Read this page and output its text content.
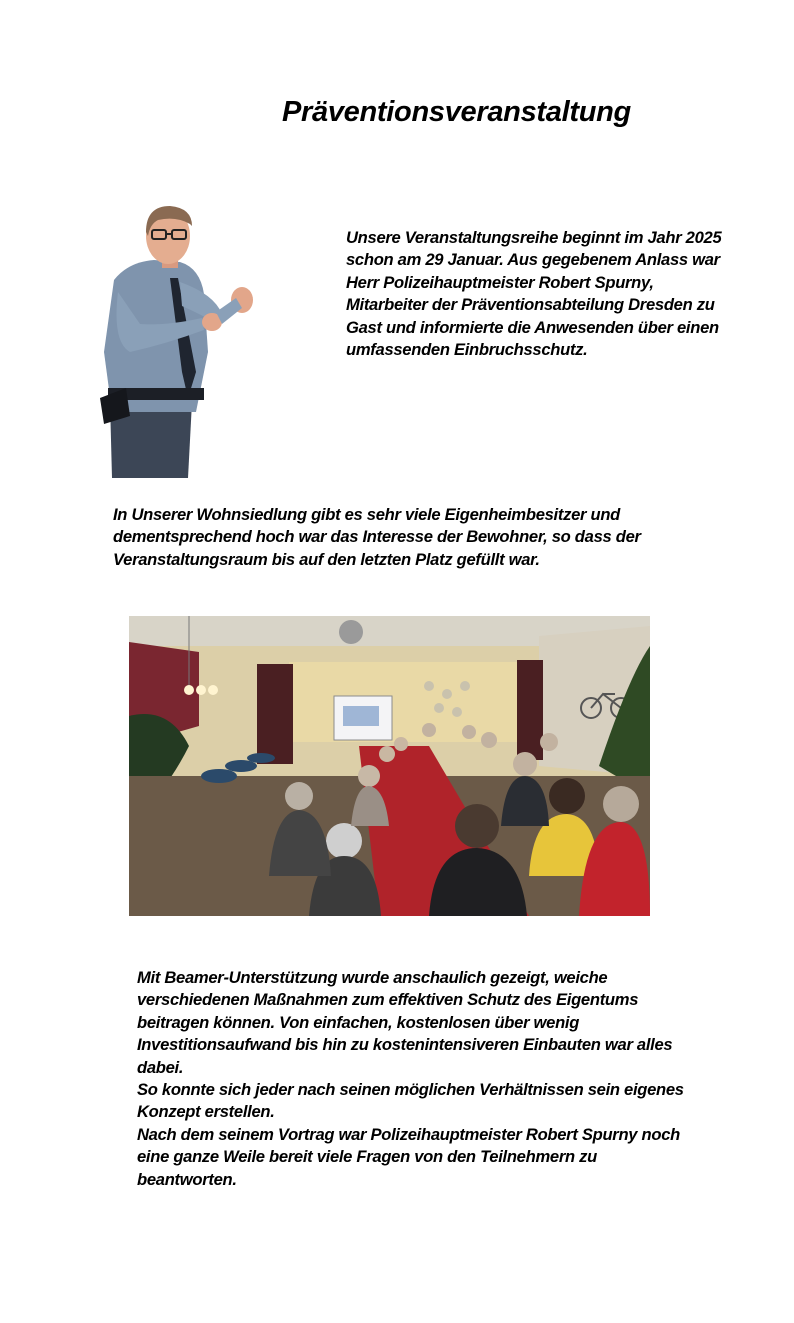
Präventionsveranstaltung

Unsere Veranstaltungsreihe beginnt im Jahr 2025 schon am 29 Januar. Aus gegebenem Anlass war Herr Polizeihauptmeister Robert Spurny, Mitarbeiter der Präventionsabteilung Dresden zu Gast und informierte die Anwesenden über einen umfassenden Einbruchsschutz.

In Unserer Wohnsiedlung gibt es sehr viele Eigenheimbesitzer und dementsprechend hoch war das Interesse der Bewohner, so dass der Veranstaltungsraum bis auf den letzten Platz gefüllt war.

Mit Beamer-Unterstützung wurde anschaulich gezeigt, weiche verschiedenen Maßnahmen zum effektiven Schutz des Eigentums beitragen können. Von einfachen, kostenlosen über wenig Investitionsaufwand bis hin zu kostenintensiveren Einbauten war alles dabei.
So konnte sich jeder nach seinen möglichen Verhältnissen sein eigenes Konzept erstellen.
Nach dem seinem Vortrag war Polizeihauptmeister Robert Spurny noch eine ganze Weile bereit viele Fragen von den Teilnehmern zu beantworten.
